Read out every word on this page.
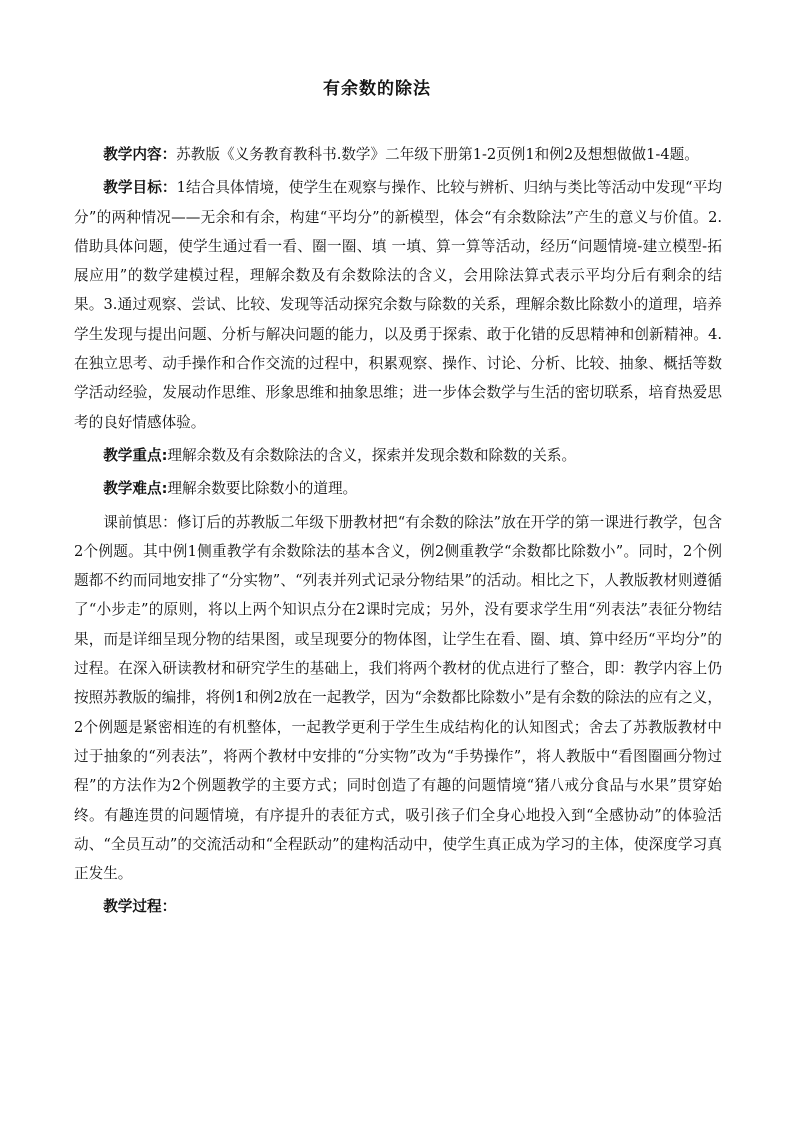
有余数的除法

教学内容：苏教版《义务教育教科书.数学》二年级下册第1-2页例1和例2及想想做做1-4题。

教学目标：1结合具体情境，使学生在观察与操作、比较与辨析、归纳与类比等活动中发现“平均分”的两种情况——无余和有余，构建“平均分”的新模型，体会“有余数除法”产生的意义与价值。2.借助具体问题，使学生通过看一看、圈一圈、填 一填、算一算等活动，经历“问题情境-建立模型-拓展应用”的数学建模过程，理解余数及有余数除法的含义，会用除法算式表示平均分后有剩余的结果。3.通过观察、尝试、比较、发现等活动探究余数与除数的关系，理解余数比除数小的道理，培养学生发现与提出问题、分析与解决问题的能力，以及勇于探索、敢于化错的反思精神和创新精神。4.在独立思考、动手操作和合作交流的过程中，积累观察、操作、讨论、分析、比较、抽象、概括等数学活动经验，发展动作思维、形象思维和抽象思维；进一步体会数学与生活的密切联系，培育热爱思考的良好情感体验。

教学重点:理解余数及有余数除法的含义，探索并发现余数和除数的关系。

教学难点:理解余数要比除数小的道理。

课前慎思：修订后的苏教版二年级下册教材把“有余数的除法”放在开学的第一课进行教学，包含2个例题。其中例1侧重教学有余数除法的基本含义，例2侧重教学“余数都比除数小”。同时，2个例题都不约而同地安排了“分实物”、“列表并列式记录分物结果”的活动。相比之下，人教版教材则遵循了“小步走”的原则，将以上两个知识点分在2课时完成；另外，没有要求学生用“列表法”表征分物结果，而是详细呈现分物的结果图，或呈现要分的物体图，让学生在看、圈、填、算中经历“平均分”的过程。在深入研读教材和研究学生的基础上，我们将两个教材的优点进行了整合，即：教学内容上仍按照苏教版的编排，将例1和例2放在一起教学，因为“余数都比除数小”是有余数的除法的应有之义，2个例题是紧密相连的有机整体，一起教学更利于学生生成结构化的认知图式；舍去了苏教版教材中过于抽象的“列表法”，将两个教材中安排的“分实物”改为“手势操作”，将人教版中“看图圈画分物过程”的方法作为2个例题教学的主要方式；同时创造了有趣的问题情境“猪八戒分食品与水果”贯穿始终。有趣连贯的问题情境，有序提升的表征方式，吸引孩子们全身心地投入到“全感协动”的体验活动、“全员互动”的交流活动和“全程跃动”的建构活动中，使学生真正成为学习的主体，使深度学习真正发生。

教学过程：
